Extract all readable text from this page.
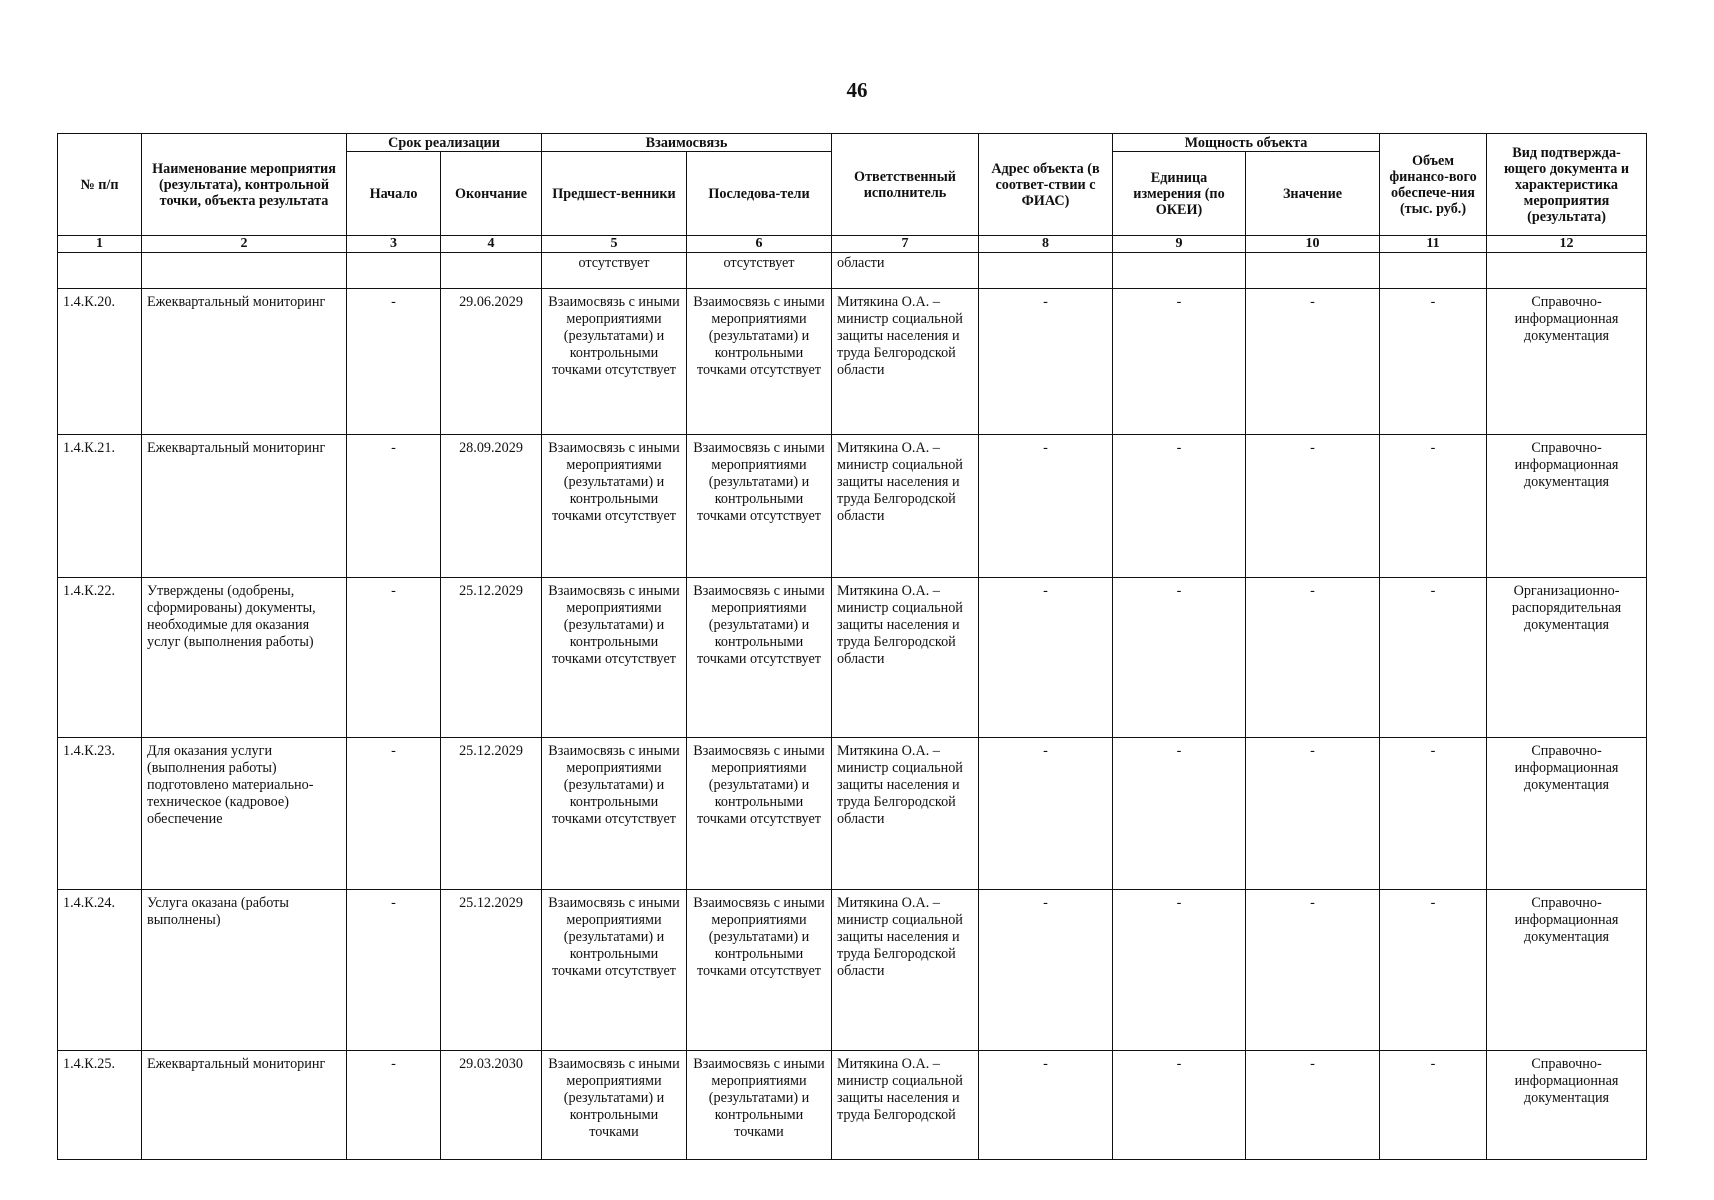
46
№ п/п	Наименование мероприятия (результата), контрольной точки, объекта результата	Срок реализации		Взаимосвязь		Ответственный исполнитель	Адрес объекта (в соответ-ствии с ФИАС)	Мощность объекта		Объем финансо-вого обеспече-ния (тыс. руб.)	Вид подтвержда-ющего документа и характеристика мероприятия (результата)
		Начало	Окончание	Предшест-венники	Последова-тели			Единица измерения (по ОКЕИ)	Значение		
1	2	3	4	5	6	7	8	9	10	11	12
				отсутствует	отсутствует	области					
1.4.К.20.	Ежеквартальный мониторинг	-	29.06.2029	Взаимосвязь с иными мероприятиями (результатами) и контрольными точками отсутствует	Взаимосвязь с иными мероприятиями (результатами) и контрольными точками отсутствует	Митякина О.А. – министр социальной защиты населения и труда Белгородской области	-	-	-	-	Справочно-информационная документация
1.4.К.21.	Ежеквартальный мониторинг	-	28.09.2029	Взаимосвязь с иными мероприятиями (результатами) и контрольными точками отсутствует	Взаимосвязь с иными мероприятиями (результатами) и контрольными точками отсутствует	Митякина О.А. – министр социальной защиты населения и труда Белгородской области	-	-	-	-	Справочно-информационная документация
1.4.К.22.	Утверждены (одобрены, сформированы) документы, необходимые для оказания услуг (выполнения работы)	-	25.12.2029	Взаимосвязь с иными мероприятиями (результатами) и контрольными точками отсутствует	Взаимосвязь с иными мероприятиями (результатами) и контрольными точками отсутствует	Митякина О.А. – министр социальной защиты населения и труда Белгородской области	-	-	-	-	Организационно-распорядительная документация
1.4.К.23.	Для оказания услуги (выполнения работы) подготовлено материально-техническое (кадровое) обеспечение	-	25.12.2029	Взаимосвязь с иными мероприятиями (результатами) и контрольными точками отсутствует	Взаимосвязь с иными мероприятиями (результатами) и контрольными точками отсутствует	Митякина О.А. – министр социальной защиты населения и труда Белгородской области	-	-	-	-	Справочно-информационная документация
1.4.К.24.	Услуга оказана (работы выполнены)	-	25.12.2029	Взаимосвязь с иными мероприятиями (результатами) и контрольными точками отсутствует	Взаимосвязь с иными мероприятиями (результатами) и контрольными точками отсутствует	Митякина О.А. – министр социальной защиты населения и труда Белгородской области	-	-	-	-	Справочно-информационная документация
1.4.К.25.	Ежеквартальный мониторинг	-	29.03.2030	Взаимосвязь с иными мероприятиями (результатами) и контрольными точками	Взаимосвязь с иными мероприятиями (результатами) и контрольными точками	Митякина О.А. – министр социальной защиты населения и труда Белгородской	-	-	-	-	Справочно-информационная документация
